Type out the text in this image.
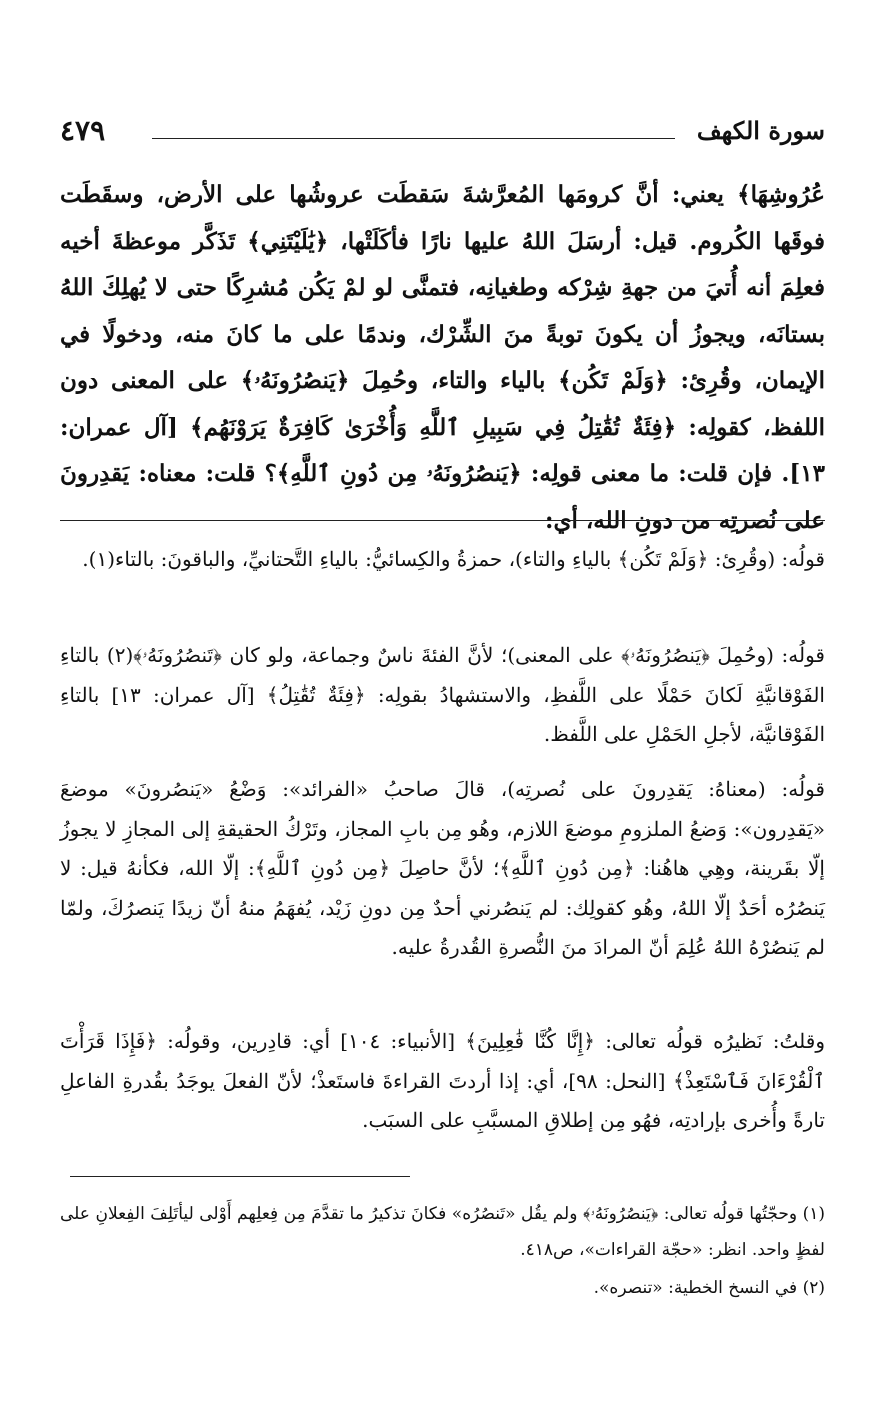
سورة الكهف
٤٧٩
عُرُوشِهَا﴾ يعني: أنَّ كرومَها المُعرَّشةَ سَقطَت عروشُها على الأرض، وسقَطَت فوقَها الكُروم. قيل: أرسَلَ اللهُ عليها نارًا فأكَلَتْها، ﴿يَٰلَيْتَنِي﴾ تَذَكَّر موعظةَ أخيه فعلِمَ أنه أُتيَ من جهةِ شِرْكه وطغيانِه، فتمنَّى لو لمْ يَكُن مُشرِكًا حتى لا يُهلِكَ اللهُ بستانَه، ويجوزُ أن يكونَ توبةً منَ الشِّرْك، وندمًا على ما كانَ منه، ودخولًا في الإيمان، وقُرِئ: ﴿وَلَمْ تَكُن﴾ بالياء والتاء، وحُمِلَ ﴿يَنصُرُونَهُۥ﴾ على المعنى دون اللفظ، كقولِه: ﴿فِئَةٌ تُقَٰتِلُ فِي سَبِيلِ ٱللَّهِ وَأُخْرَىٰ كَافِرَةٌ يَرَوْنَهُم﴾ [آل عمران: ١٣]. فإن قلت: ما معنى قولِه: ﴿يَنصُرُونَهُۥ مِن دُونِ ٱللَّهِ﴾؟ قلت: معناه: يَقدِرونَ على نُصرتِه من دونِ الله، أي:
قولُه: (وقُرِئ: ﴿وَلَمْ تَكُن﴾ بالياءِ والتاء)، حمزةُ والكِسائيُّ: بالياءِ التَّحتانيِّ، والباقونَ: بالتاء(١).
قولُه: (وحُمِلَ ﴿يَنصُرُونَهُۥ﴾ على المعنى)؛ لأنَّ الفئةَ ناسٌ وجماعة، ولو كان ﴿تَنصُرُونَهُۥ﴾(٢) بالتاءِ الفَوْقانيَّةِ لَكانَ حَمْلًا على اللَّفظِ، والاستشهادُ بقولِه: ﴿فِئَةٌ تُقَٰتِلُ﴾ [آل عمران: ١٣] بالتاءِ الفَوْقانيَّة، لأجلِ الحَمْلِ على اللَّفظ.
قولُه: (معناهُ: يَقدِرونَ على نُصرتِه)، قالَ صاحبُ «الفرائد»: وَضْعُ «يَنصُرونَ» موضعَ «يَقدِرون»: وَضعُ الملزومِ موضعَ اللازم، وهُو مِن بابِ المجاز، وتَرْكُ الحقيقةِ إلى المجازِ لا يجوزُ إلّا بقَرينة، وهِي هاهُنا: ﴿مِن دُونِ ٱللَّهِ﴾؛ لأنَّ حاصِلَ ﴿مِن دُونِ ٱللَّهِ﴾: إلّا الله، فكأنهُ قيل: لا يَنصُرُه أحَدٌ إلّا اللهُ، وهُو كقولِك: لم يَنصُرني أحدٌ مِن دونِ زَيْد، يُفهَمُ منهُ أنّ زيدًا يَنصرُكَ، ولمّا لم يَنصُرْهُ اللهُ عُلِمَ أنّ المرادَ منَ النُّصرةِ القُدرةُ عليه.
وقلتُ: نَظيرُه قولُه تعالى: ﴿إِنَّا كُنَّا فَٰعِلِينَ﴾ [الأنبياء: ١٠٤] أي: قادِرين، وقولُه: ﴿فَإِذَا قَرَأْتَ ٱلْقُرْءَانَ فَٱسْتَعِذْ﴾ [النحل: ٩٨]، أي: إذا أردتَ القراءةَ فاستَعذْ؛ لأنّ الفعلَ يوجَدُ بقُدرةِ الفاعلِ تارةً وأُخرى بإرادتِه، فهُو مِن إطلاقِ المسبَّبِ على السبَب.
(١) وحجّتُها قولُه تعالى: ﴿يَنصُرُونَهُۥ﴾ ولم يقُل «تَنصُرُه» فكانَ تذكيرُ ما تقدَّمَ مِن فِعلِهم أَوْلى ليأتَلِفَ الفِعلانِ على لفظٍ واحد. انظر: «حجّة القراءات»، ص٤١٨.
(٢) في النسخ الخطية: «تنصره».
